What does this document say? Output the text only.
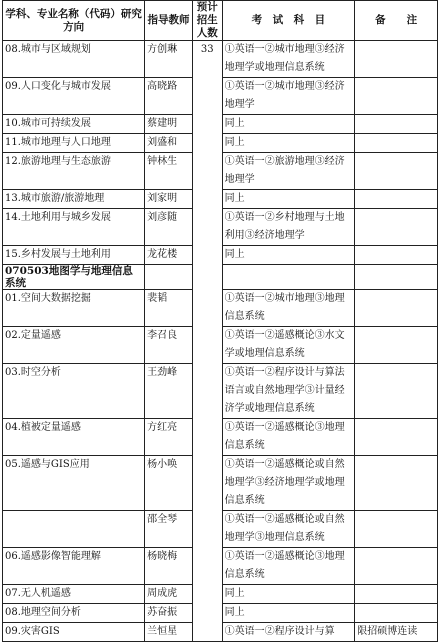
学科、专业名称（代码）研究方向	指导教师	预计招生人数	考　试　科　目	备　　注
08.城市与区域规划	方创琳	33	①英语一②城市地理③经济地理学或地理信息系统	
09.人口变化与城市发展	高晓路		①英语一②城市地理③经济地理学	
10.城市可持续发展	蔡建明		同上	
11.城市地理与人口地理	刘盛和		同上	
12.旅游地理与生态旅游	钟林生		①英语一②旅游地理③经济地理学	
13.城市旅游/旅游地理	刘家明		同上	
14.土地利用与城乡发展	刘彦随		①英语一②乡村地理与土地利用③经济地理学	
15.乡村发展与土地利用	龙花楼		同上	
070503地图学与地理信息系统				
01.空间大数据挖掘	裴韬		①英语一②城市地理③地理信息系统	
02.定量遥感	李召良		①英语一②遥感概论③水文学或地理信息系统	
03.时空分析	王劲峰		①英语一②程序设计与算法语言或自然地理学③计量经济学或地理信息系统	
04.植被定量遥感	方红亮		①英语一②遥感概论③地理信息系统	
05.遥感与GIS应用	杨小唤		①英语一②遥感概论或自然地理学③经济地理学或地理信息系统	
	邵全琴		①英语一②遥感概论或自然地理学③地理信息系统	
06.遥感影像智能理解	杨晓梅		①英语一②遥感概论③地理信息系统	
07.无人机遥感	周成虎		同上	
08.地理空间分析	苏奋振		同上	
09.灾害GIS	兰恒星		①英语一②程序设计与算	限招硕博连读
